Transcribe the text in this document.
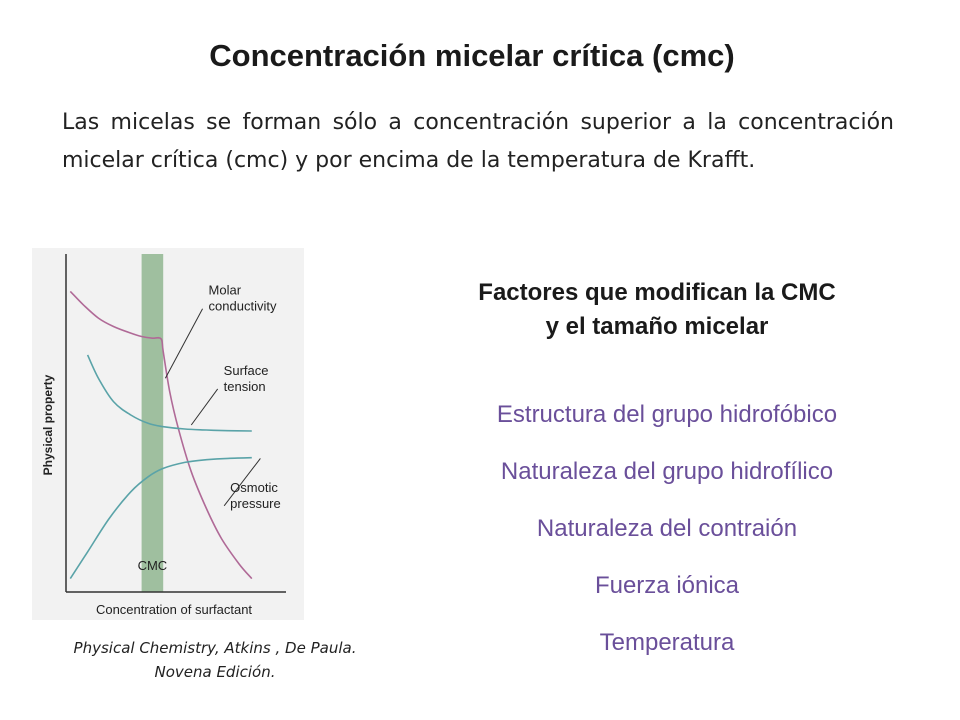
Concentración micelar crítica (cmc)
Las micelas se forman sólo a concentración superior a la concentración micelar crítica (cmc) y por encima de la temperatura de Krafft.
CMC
Concentration of surfactant
Physical property
Molar conductivity
Surface tension
Osmotic pressure
Physical Chemistry, Atkins , De Paula.
Novena Edición.
Factores que modifican la CMC
y el tamaño micelar
Estructura del grupo hidrofóbico
Naturaleza del grupo hidrofílico
Naturaleza del contraión
Fuerza iónica
Temperatura
